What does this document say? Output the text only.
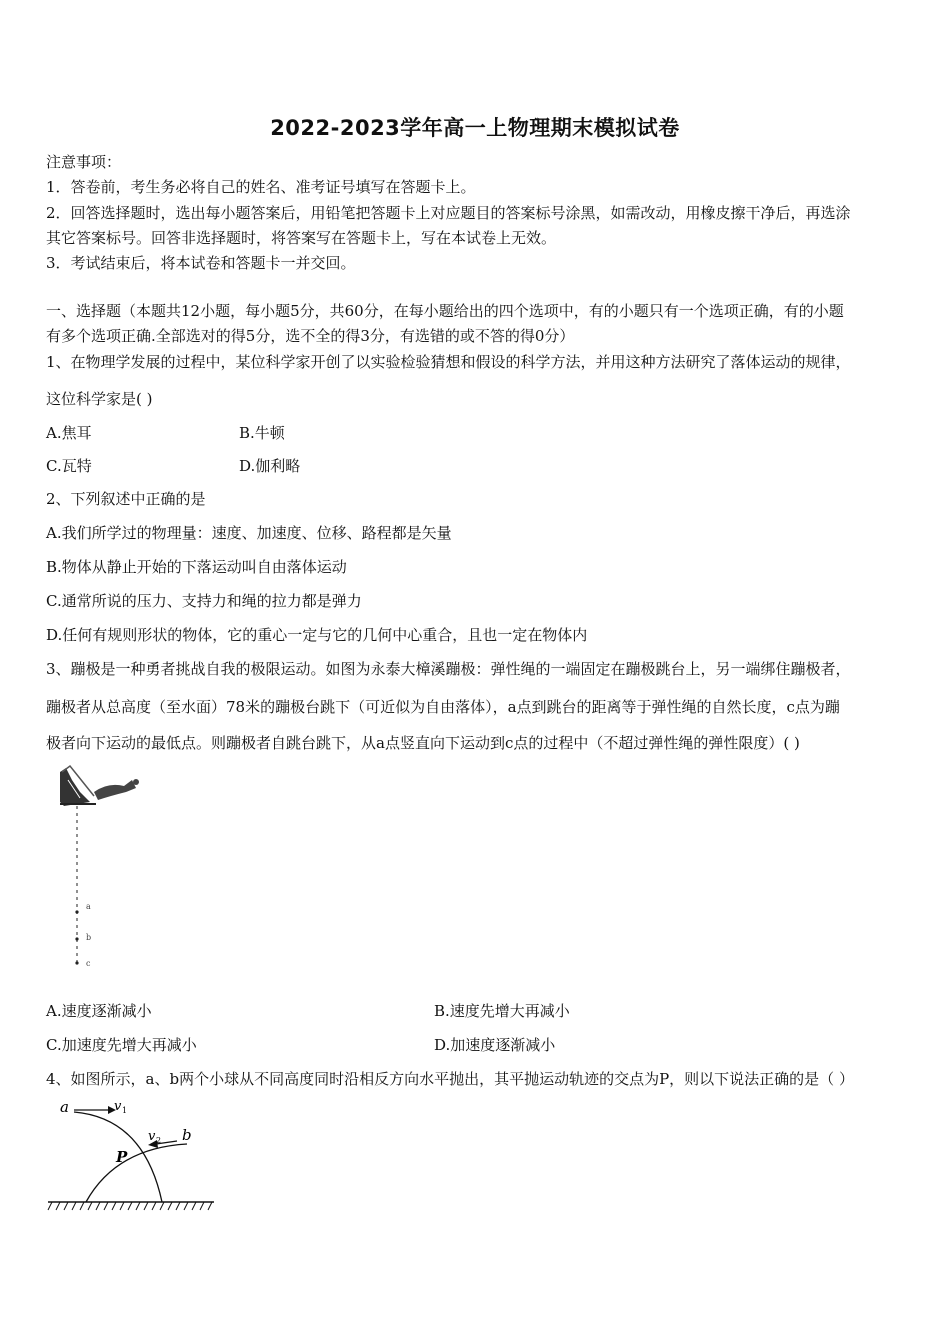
2022-2023学年高一上物理期末模拟试卷
注意事项：
1．答卷前，考生务必将自己的姓名、准考证号填写在答题卡上。
2．回答选择题时，选出每小题答案后，用铅笔把答题卡上对应题目的答案标号涂黑，如需改动，用橡皮擦干净后，再选涂
其它答案标号。回答非选择题时，将答案写在答题卡上，写在本试卷上无效。
3．考试结束后，将本试卷和答题卡一并交回。
一、选择题（本题共12小题，每小题5分，共60分，在每小题给出的四个选项中，有的小题只有一个选项正确，有的小题
有多个选项正确.全部选对的得5分，选不全的得3分，有选错的或不答的得0分）
1、在物理学发展的过程中，某位科学家开创了以实验检验猜想和假设的科学方法，并用这种方法研究了落体运动的规律，
这位科学家是( )
A.焦耳	B.牛顿
C.瓦特	D.伽利略
2、下列叙述中正确的是
A.我们所学过的物理量：速度、加速度、位移、路程都是矢量
B.物体从静止开始的下落运动叫自由落体运动
C.通常所说的压力、支持力和绳的拉力都是弹力
D.任何有规则形状的物体，它的重心一定与它的几何中心重合，且也一定在物体内
3、蹦极是一种勇者挑战自我的极限运动。如图为永泰大樟溪蹦极：弹性绳的一端固定在蹦极跳台上，另一端绑住蹦极者，
蹦极者从总高度（至水面）78米的蹦极台跳下（可近似为自由落体），a点到跳台的距离等于弹性绳的自然长度，c点为蹦
极者向下运动的最低点。则蹦极者自跳台跳下，从a点竖直向下运动到c点的过程中（不超过弹性绳的弹性限度）( )
a
b
c
A.速度逐渐减小	B.速度先增大再减小
C.加速度先增大再减小	D.加速度逐渐减小
4、如图所示，a、b两个小球从不同高度同时沿相反方向水平抛出，其平抛运动轨迹的交点为P，则以下说法正确的是（ ）
a	v 1
b
v 2
P
